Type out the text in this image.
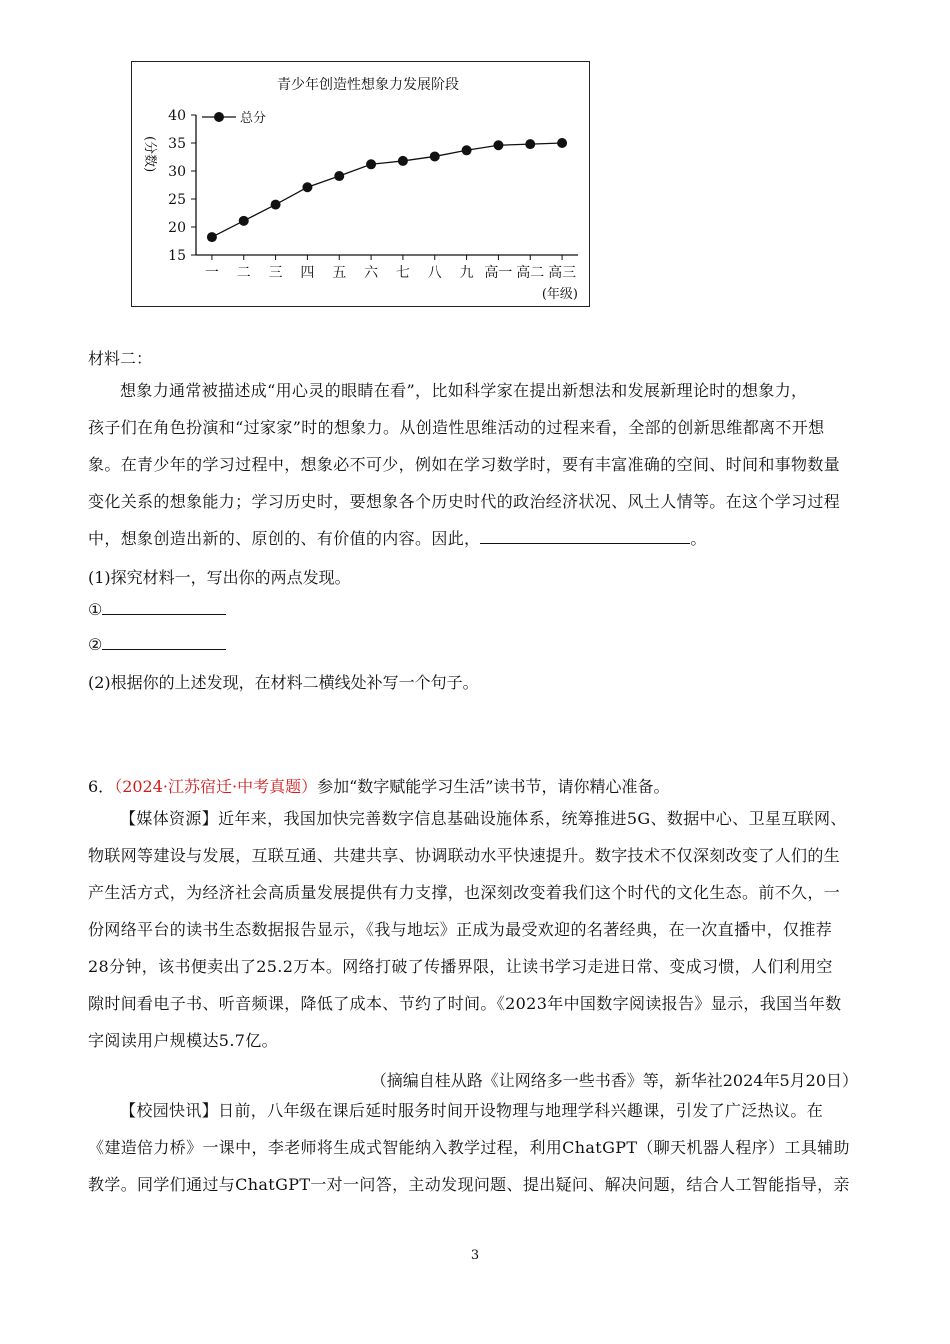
青少年创造性想象力发展阶段
(分数)
(年级)
总分
15
20
25
30
35
40
一 二 三 四 五 六 七 八 九 高一 高二 高三
材料二：
想象力通常被描述成“用心灵的眼睛在看”，比如科学家在提出新想法和发展新理论时的想象力，
孩子们在角色扮演和“过家家”时的想象力。从创造性思维活动的过程来看，全部的创新思维都离不开想
象。在青少年的学习过程中，想象必不可少，例如在学习数学时，要有丰富准确的空间、时间和事物数量
变化关系的想象能力；学习历史时，要想象各个历史时代的政治经济状况、风土人情等。在这个学习过程
中，想象创造出新的、原创的、有价值的内容。因此，	。
(1)探究材料一，写出你的两点发现。
①
②
(2)根据你的上述发现，在材料二横线处补写一个句子。
6．（2024·江苏宿迁·中考真题）参加“数字赋能学习生活”读书节，请你精心准备。
【媒体资源】近年来，我国加快完善数字信息基础设施体系，统筹推进5G、数据中心、卫星互联网、
物联网等建设与发展，互联互通、共建共享、协调联动水平快速提升。数字技术不仅深刻改变了人们的生
产生活方式，为经济社会高质量发展提供有力支撑，也深刻改变着我们这个时代的文化生态。前不久，一
份网络平台的读书生态数据报告显示，《我与地坛》正成为最受欢迎的名著经典，在一次直播中，仅推荐
28分钟，该书便卖出了25.2万本。网络打破了传播界限，让读书学习走进日常、变成习惯，人们利用空
隙时间看电子书、听音频课，降低了成本、节约了时间。《2023年中国数字阅读报告》显示，我国当年数
字阅读用户规模达5.7亿。
（摘编自桂从路《让网络多一些书香》等，新华社2024年5月20日）
【校园快讯】日前，八年级在课后延时服务时间开设物理与地理学科兴趣课，引发了广泛热议。在
《建造倍力桥》一课中，李老师将生成式智能纳入教学过程，利用ChatGPT（聊天机器人程序）工具辅助
教学。同学们通过与ChatGPT一对一问答，主动发现问题、提出疑问、解决问题，结合人工智能指导，亲
3
